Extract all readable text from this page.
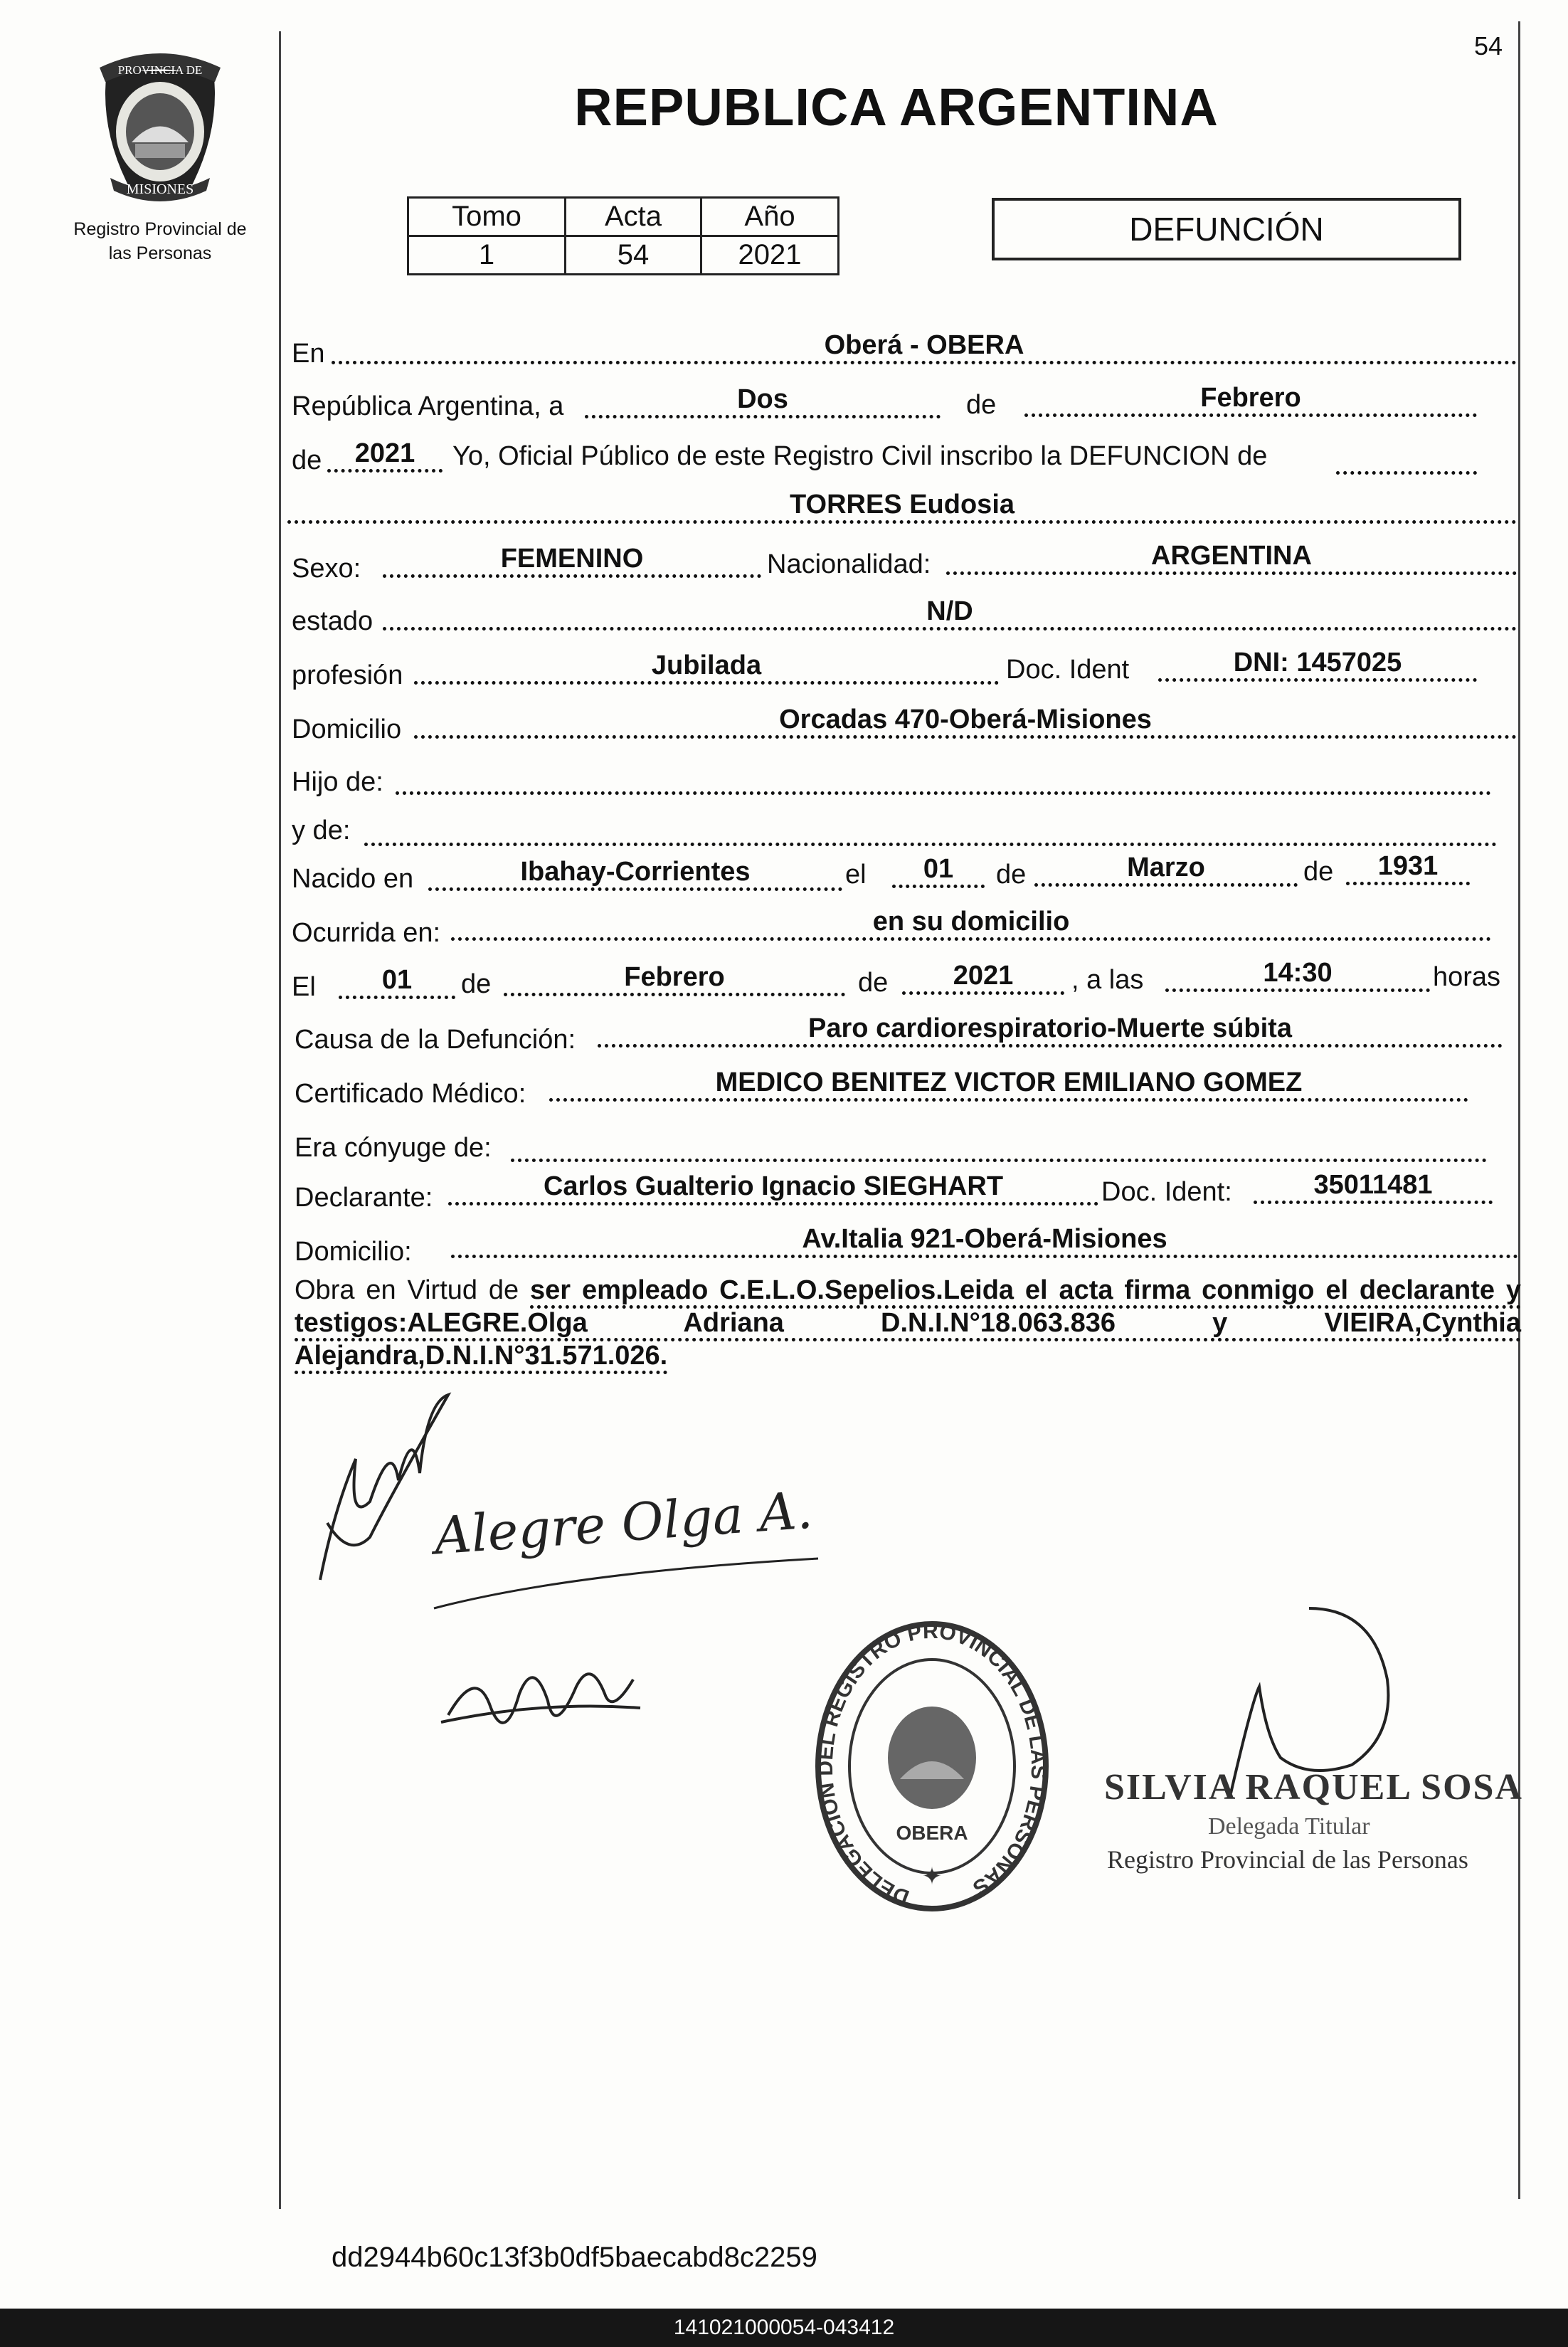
PROVINCIA DE
MISIONES
Registro Provincial de
las Personas
54
REPUBLICA ARGENTINA
Tomo	Acta	Año
1	54	2021
DEFUNCIÓN
En	Oberá - OBERA
República Argentina, a	Dos	de	Febrero
de	2021	Yo, Oficial Público de este Registro Civil inscribo la DEFUNCION de
TORRES Eudosia
Sexo:	FEMENINO	Nacionalidad:	ARGENTINA
estado	N/D
profesión	Jubilada	Doc. Ident	DNI: 1457025
Domicilio	Orcadas 470-Oberá-Misiones
Hijo de:
y de:
Nacido en	Ibahay-Corrientes	el	01	de	Marzo	de	1931
Ocurrida en:	en su domicilio
El	01	de	Febrero	de	2021	, a las	14:30	horas
Causa de la Defunción:	Paro cardiorespiratorio-Muerte súbita
Certificado Médico:	MEDICO BENITEZ VICTOR EMILIANO GOMEZ
Era cónyuge de:
Declarante:	Carlos Gualterio Ignacio SIEGHART	Doc. Ident:	35011481
Domicilio:	Av.Italia 921-Oberá-Misiones
Obra en Virtud de ser empleado C.E.L.O.Sepelios.Leida el acta firma conmigo el declarante y testigos:ALEGRE.Olga Adriana D.N.I.N°18.063.836 y VIEIRA,Cynthia Alejandra,D.N.I.N°31.571.026.
Alegre Olga A.
DELEGACION DEL REGISTRO PROVINCIAL DE LAS PERSONAS
OBERA
✦
SILVIA RAQUEL SOSA
Delegada Titular
Registro Provincial de las Personas
dd2944b60c13f3b0df5baecabd8c2259
141021000054-043412
